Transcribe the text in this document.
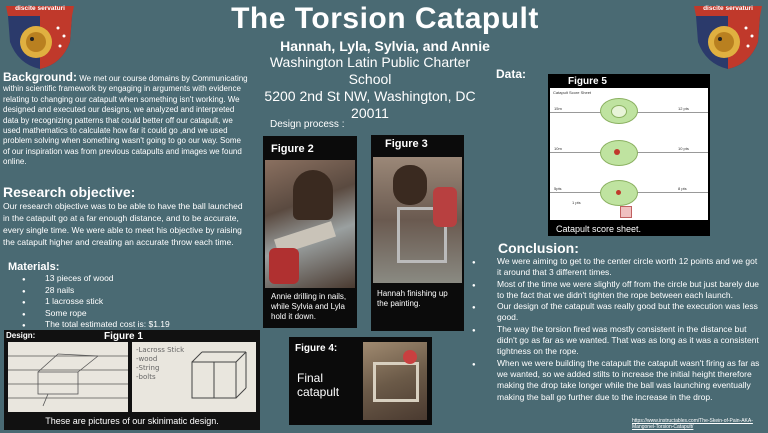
discite servaturi	discite servaturi
The Torsion Catapult
Hannah, Lyla, Sylvia, and Annie
Washington Latin Public Charter
School
5200 2nd St NW, Washington, DC
20011
Design process :
Background: We met our course domains by Communicating within scientific framework by engaging in arguments with evidence relating to changing our catapult when something isn't working. We designed and executed our designs, we analyzed and interpreted data by recognizing patterns that could better off our catapult, we used mathematics to calculate how far it could go ,and we used problem solving when something wasn't going to go our way. Some of our inspiration was from previous catapults and images we found online.
Research objective:
Our research objective was to be able to have the ball launched in the catapult go at a far enough distance, and to be accurate, every single time. We were able to meet his objective by raising the catapult higher and creating an accurate throw each time.
Materials:
● 13 pieces of wood
● 28 nails
● 1 lacrosse stick
● Some rope
● The total estimated cost is: $1.19
Design:	Figure 1
-Lacross Stick
-wood
-String
-bolts
These are pictures of our skinimatic design.
Figure 2
Annie drilling in nails, while Sylvia and Lyla hold it down.
Figure 3
Hannah finishing up the painting.
Figure 4:
Final catapult
Data:
Figure 5
Catapult Score Sheet
15m
10m
5pts
1 pts
12 pts
10 pts
8 pts
Catapult score sheet.
Conclusion:
● We were aiming to get to the center circle worth 12 points and we got it around that 3 different times.
● Most of the time we were slightly off from the circle but just barely due to the fact that we didn't tighten the rope between each launch.
● Our design of the catapult was really good but the execution was less good.
● The way the torsion fired was mostly consistent in the distance but didn't go as far as we wanted. That was as long as it was a consistent tightness on the rope.
● When we were building the catapult the catapult wasn't firing as far as we wanted, so we added stilts to increase the initial height therefore making the drop take longer while the ball was launching eventually making the ball go further due to the increase in the drop.
https://www.instructables.com/The-Skein-of-Pain-AKA-Mangonel-Torsion-Catapult/
